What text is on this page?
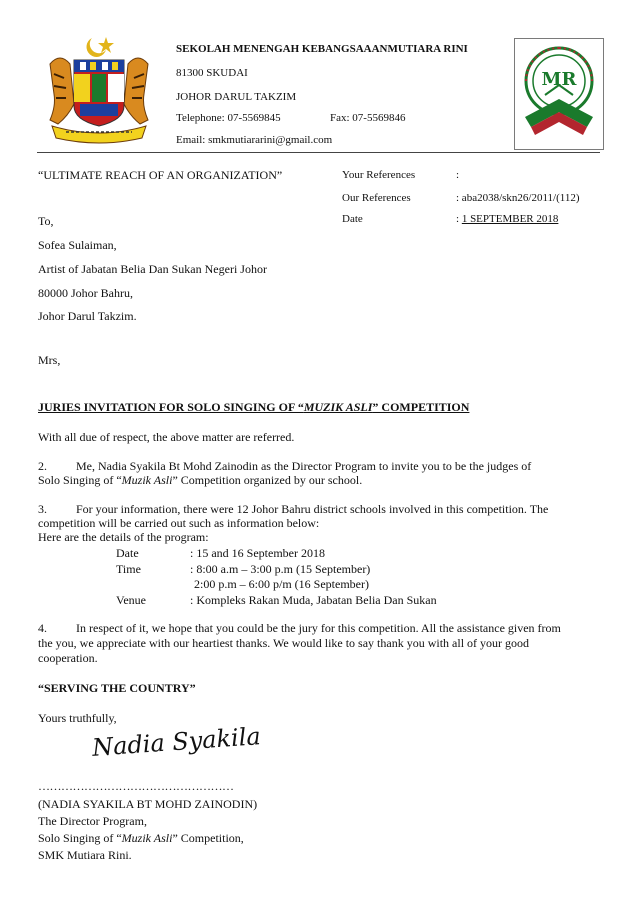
SEKOLAH MENENGAH KEBANGSAAANMUTIARA RINI
81300 SKUDAI
JOHOR DARUL TAKZIM
Telephone: 07-5569845	Fax: 07-5569846
Email: smkmutiararini@gmail.com
MR
“ULTIMATE REACH OF AN ORGANIZATION”	Your References	:
Our References	: aba2038/skn26/2011/(112)
Date	: 1 SEPTEMBER 2018
To,
Sofea Sulaiman,
Artist of Jabatan Belia Dan Sukan Negeri Johor
80000 Johor Bahru,
Johor Darul Takzim.
Mrs,
JURIES INVITATION FOR SOLO SINGING OF “MUZIK ASLI” COMPETITION
With all due of respect, the above matter are referred.
2. Me, Nadia Syakila Bt Mohd Zainodin as the Director Program to invite you to be the judges of
Solo Singing of “Muzik Asli” Competition organized by our school.
3. For your information, there were 12 Johor Bahru district schools involved in this competition. The
competition will be carried out such as information below:
Here are the details of the program:
Date	: 15 and 16 September 2018
Time	: 8:00 a.m – 3:00 p.m (15 September)
2:00 p.m – 6:00 p/m (16 September)
Venue	: Kompleks Rakan Muda, Jabatan Belia Dan Sukan
4. In respect of it, we hope that you could be the jury for this competition. All the assistance given from
the you, we appreciate with our heartiest thanks. We would like to say thank you with all of your good
cooperation.
“SERVING THE COUNTRY”
Yours truthfully,
Nadia Syakila
……………………………………………
(NADIA SYAKILA BT MOHD ZAINODIN)
The Director Program,
Solo Singing of “Muzik Asli” Competition,
SMK Mutiara Rini.
